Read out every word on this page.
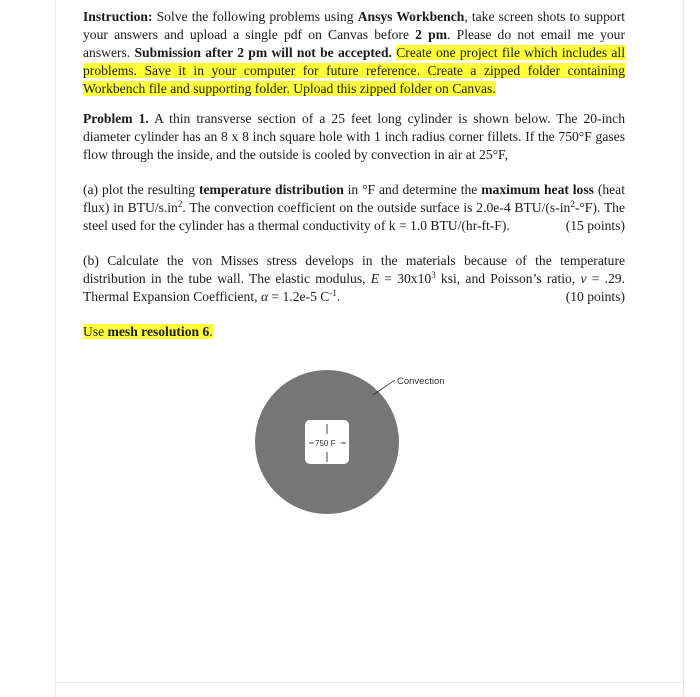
Instruction: Solve the following problems using Ansys Workbench, take screen shots to support your answers and upload a single pdf on Canvas before 2 pm. Please do not email me your answers. Submission after 2 pm will not be accepted. Create one project file which includes all problems. Save it in your computer for future reference. Create a zipped folder containing Workbench file and supporting folder. Upload this zipped folder on Canvas.

Problem 1. A thin transverse section of a 25 feet long cylinder is shown below. The 20-inch diameter cylinder has an 8 x 8 inch square hole with 1 inch radius corner fillets. If the 750°F gases flow through the inside, and the outside is cooled by convection in air at 25°F,

(a) plot the resulting temperature distribution in °F and determine the maximum heat loss (heat flux) in BTU/$s.in^2$. The convection coefficient on the outside surface is 2.0e-4 BTU/$(s-in^2-^\circ F)$. The steel used for the cylinder has a thermal conductivity of k = 1.0 BTU/(hr-ft-F).	(15 points)

(b) Calculate the von Misses stress develops in the materials because of the temperature distribution in the tube wall. The elastic modulus, $E = 30x10^3$ ksi, and Poisson’s ratio, ν = .29. Thermal Expansion Coefficient, α = 1.2e-5 $C^{-1}$.	(10 points)

Use mesh resolution 6.

Convection
750 F
